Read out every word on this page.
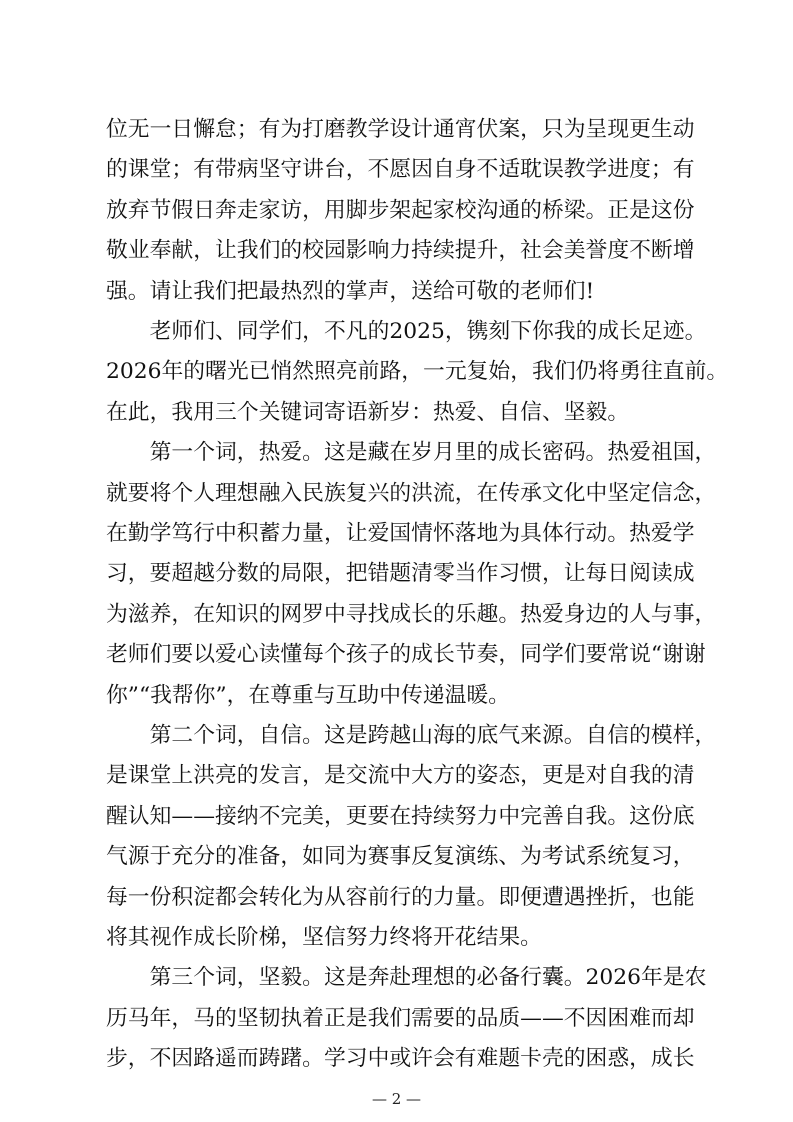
位无一日懈怠；有为打磨教学设计通宵伏案，只为呈现更生动
的课堂；有带病坚守讲台，不愿因自身不适耽误教学进度；有
放弃节假日奔走家访，用脚步架起家校沟通的桥梁。正是这份
敬业奉献，让我们的校园影响力持续提升，社会美誉度不断增
强。请让我们把最热烈的掌声，送给可敬的老师们!
　　老师们、同学们，不凡的2025，镌刻下你我的成长足迹。
2026年的曙光已悄然照亮前路，一元复始，我们仍将勇往直前。
在此，我用三个关键词寄语新岁：热爱、自信、坚毅。
　　第一个词，热爱。这是藏在岁月里的成长密码。热爱祖国，
就要将个人理想融入民族复兴的洪流，在传承文化中坚定信念，
在勤学笃行中积蓄力量，让爱国情怀落地为具体行动。热爱学
习，要超越分数的局限，把错题清零当作习惯，让每日阅读成
为滋养，在知识的网罗中寻找成长的乐趣。热爱身边的人与事，
老师们要以爱心读懂每个孩子的成长节奏，同学们要常说“谢谢
你”“我帮你”，在尊重与互助中传递温暖。
　　第二个词，自信。这是跨越山海的底气来源。自信的模样，
是课堂上洪亮的发言，是交流中大方的姿态，更是对自我的清
醒认知——接纳不完美，更要在持续努力中完善自我。这份底
气源于充分的准备，如同为赛事反复演练、为考试系统复习，
每一份积淀都会转化为从容前行的力量。即便遭遇挫折，也能
将其视作成长阶梯，坚信努力终将开花结果。
　　第三个词，坚毅。这是奔赴理想的必备行囊。2026年是农
历马年，马的坚韧执着正是我们需要的品质——不因困难而却
步，不因路遥而踌躇。学习中或许会有难题卡壳的困惑，成长
— 2 —
